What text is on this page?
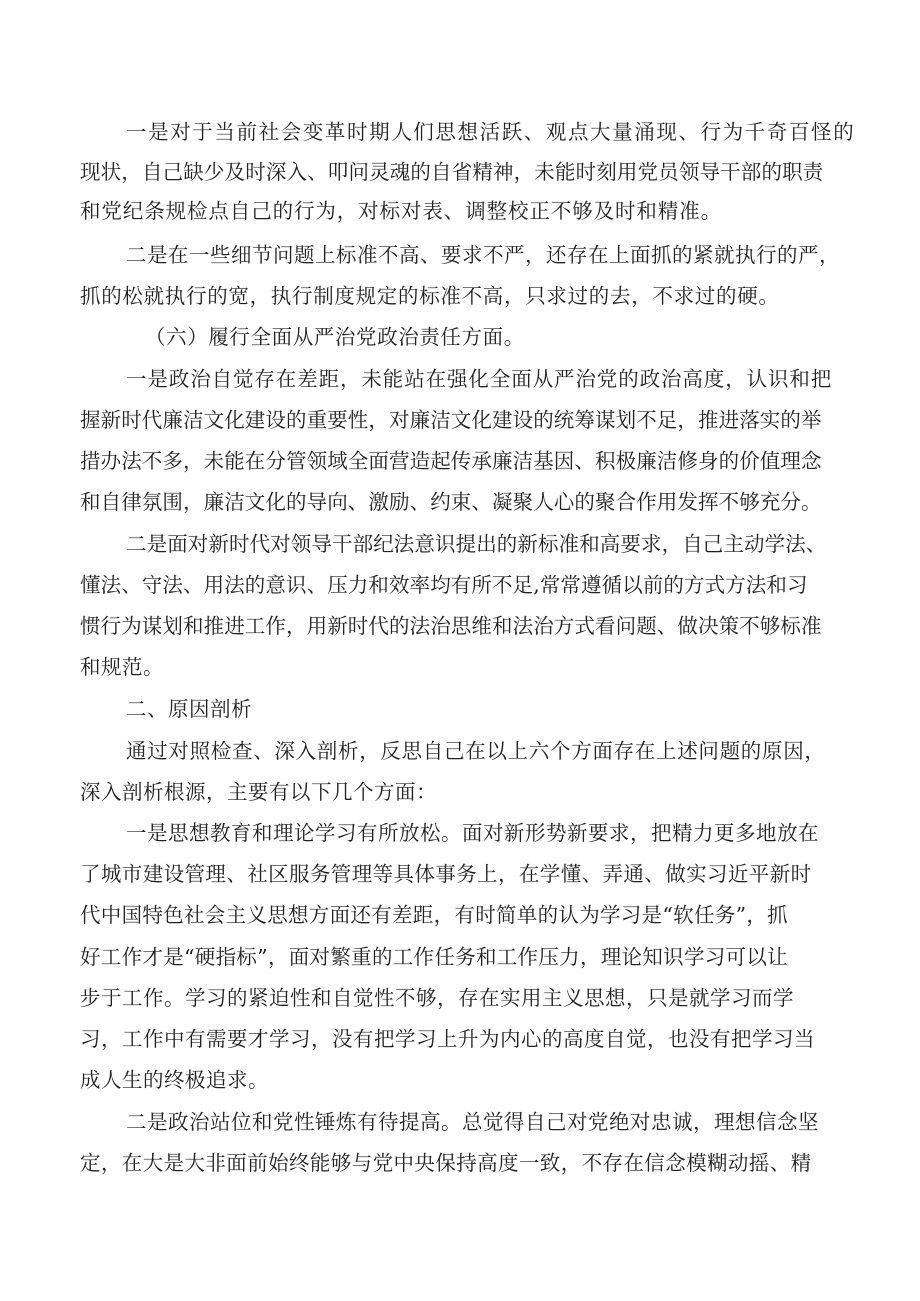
一是对于当前社会变革时期人们思想活跃、观点大量涌现、行为千奇百怪的
现状，自己缺少及时深入、叩问灵魂的自省精神，未能时刻用党员领导干部的职责
和党纪条规检点自己的行为，对标对表、调整校正不够及时和精准。
二是在一些细节问题上标准不高、要求不严，还存在上面抓的紧就执行的严，
抓的松就执行的宽，执行制度规定的标准不高，只求过的去，不求过的硬。
（六）履行全面从严治党政治责任方面。
一是政治自觉存在差距，未能站在强化全面从严治党的政治高度，认识和把
握新时代廉洁文化建设的重要性，对廉洁文化建设的统筹谋划不足，推进落实的举
措办法不多，未能在分管领域全面营造起传承廉洁基因、积极廉洁修身的价值理念
和自律氛围，廉洁文化的导向、激励、约束、凝聚人心的聚合作用发挥不够充分。
二是面对新时代对领导干部纪法意识提出的新标准和高要求，自己主动学法、
懂法、守法、用法的意识、压力和效率均有所不足,常常遵循以前的方式方法和习
惯行为谋划和推进工作，用新时代的法治思维和法治方式看问题、做决策不够标准
和规范。
二、原因剖析
通过对照检查、深入剖析，反思自己在以上六个方面存在上述问题的原因，
深入剖析根源，主要有以下几个方面：
一是思想教育和理论学习有所放松。面对新形势新要求，把精力更多地放在
了城市建设管理、社区服务管理等具体事务上，在学懂、弄通、做实习近平新时
代中国特色社会主义思想方面还有差距，有时简单的认为学习是“软任务”，抓
好工作才是“硬指标”，面对繁重的工作任务和工作压力，理论知识学习可以让
步于工作。学习的紧迫性和自觉性不够，存在实用主义思想，只是就学习而学
习，工作中有需要才学习，没有把学习上升为内心的高度自觉，也没有把学习当
成人生的终极追求。
二是政治站位和党性锤炼有待提高。总觉得自己对党绝对忠诚，理想信念坚
定，在大是大非面前始终能够与党中央保持高度一致，不存在信念模糊动摇、精
